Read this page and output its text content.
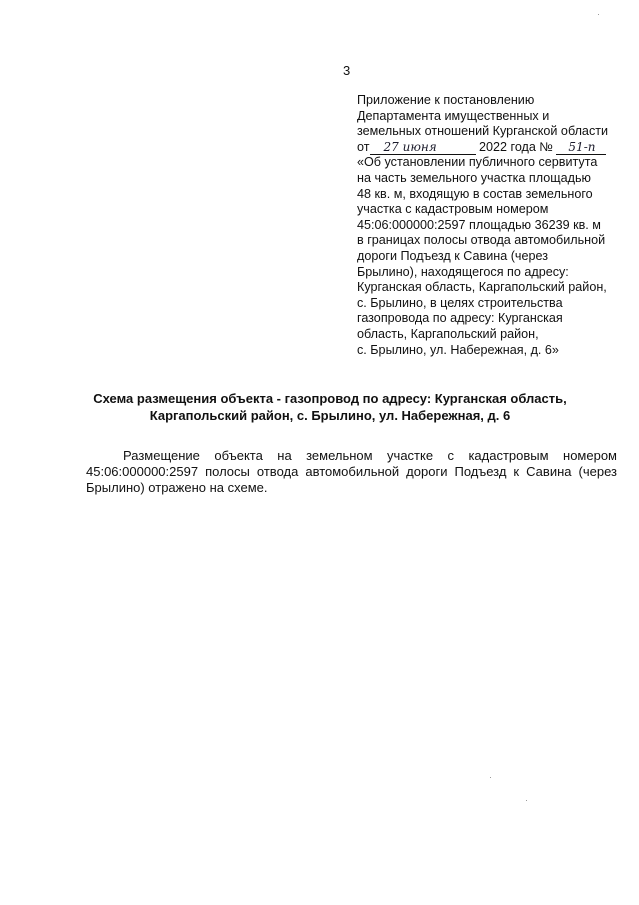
3
Приложение к постановлению
Департамента имущественных и
земельных отношений Курганской области
от 27 июня	2022 года № 51-п
«Об установлении публичного сервитута
на часть земельного участка площадью
48 кв. м, входящую в состав земельного
участка с кадастровым номером
45:06:000000:2597 площадью 36239 кв. м
в границах полосы отвода автомобильной
дороги Подъезд к Савина (через
Брылино), находящегося по адресу:
Курганская область, Каргапольский район,
с. Брылино, в целях строительства
газопровода по адресу: Курганская
область, Каргапольский район,
с. Брылино, ул. Набережная, д. 6»
Схема размещения объекта - газопровод по адресу: Курганская область,
Каргапольский район, с. Брылино, ул. Набережная, д. 6
Размещение объекта на земельном участке с кадастровым номером 45:06:000000:2597 полосы отвода автомобильной дороги Подъезд к Савина (через Брылино) отражено на схеме.
